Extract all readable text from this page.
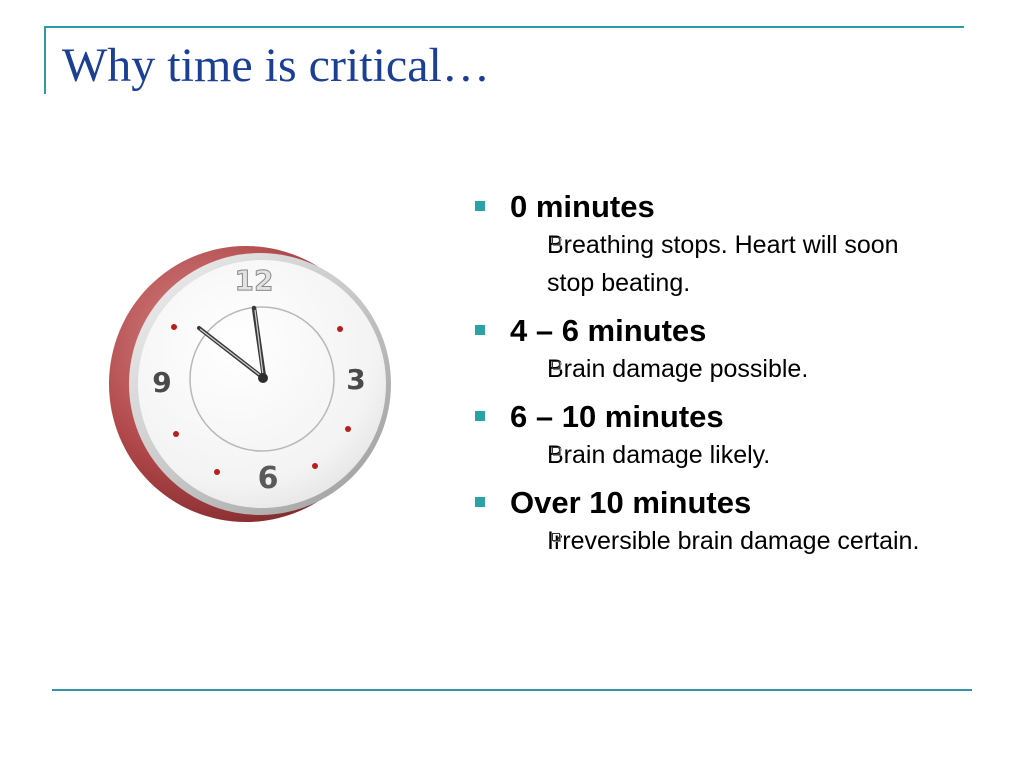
Why time is critical…
12
3
6
9
0 minutes
Breathing stops. Heart will soon stop beating.
4 – 6 minutes
Brain damage possible.
6 – 10 minutes
Brain damage likely.
Over 10 minutes
Irreversible brain damage certain.
